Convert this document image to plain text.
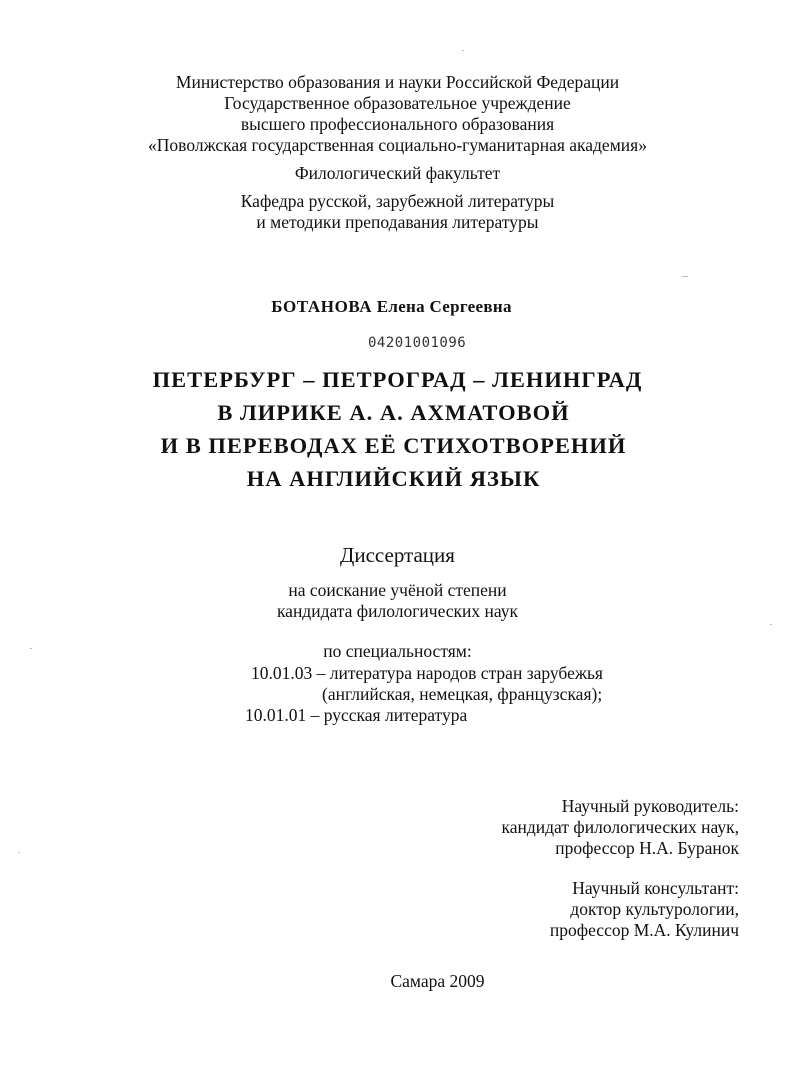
Министерство образования и науки Российской Федерации
Государственное образовательное учреждение
высшего профессионального образования
«Поволжская государственная социально-гуманитарная академия»
Филологический факультет
Кафедра русской, зарубежной литературы
и методики преподавания литературы
БОТАНОВА Елена Сергеевна
04201001096
ПЕТЕРБУРГ – ПЕТРОГРАД – ЛЕНИНГРАД
В ЛИРИКЕ А. А. АХМАТОВОЙ
И В ПЕРЕВОДАХ ЕЁ СТИХОТВОРЕНИЙ
НА АНГЛИЙСКИЙ ЯЗЫК
Диссертация
на соискание учёной степени
кандидата филологических наук
по специальностям:
10.01.03 – литература народов стран зарубежья
(английская, немецкая, французская);
10.01.01 – русская литература
Научный руководитель:
кандидат филологических наук,
профессор Н.А. Буранок
Научный консультант:
доктор культурологии,
профессор М.А. Кулинич
Самара 2009
